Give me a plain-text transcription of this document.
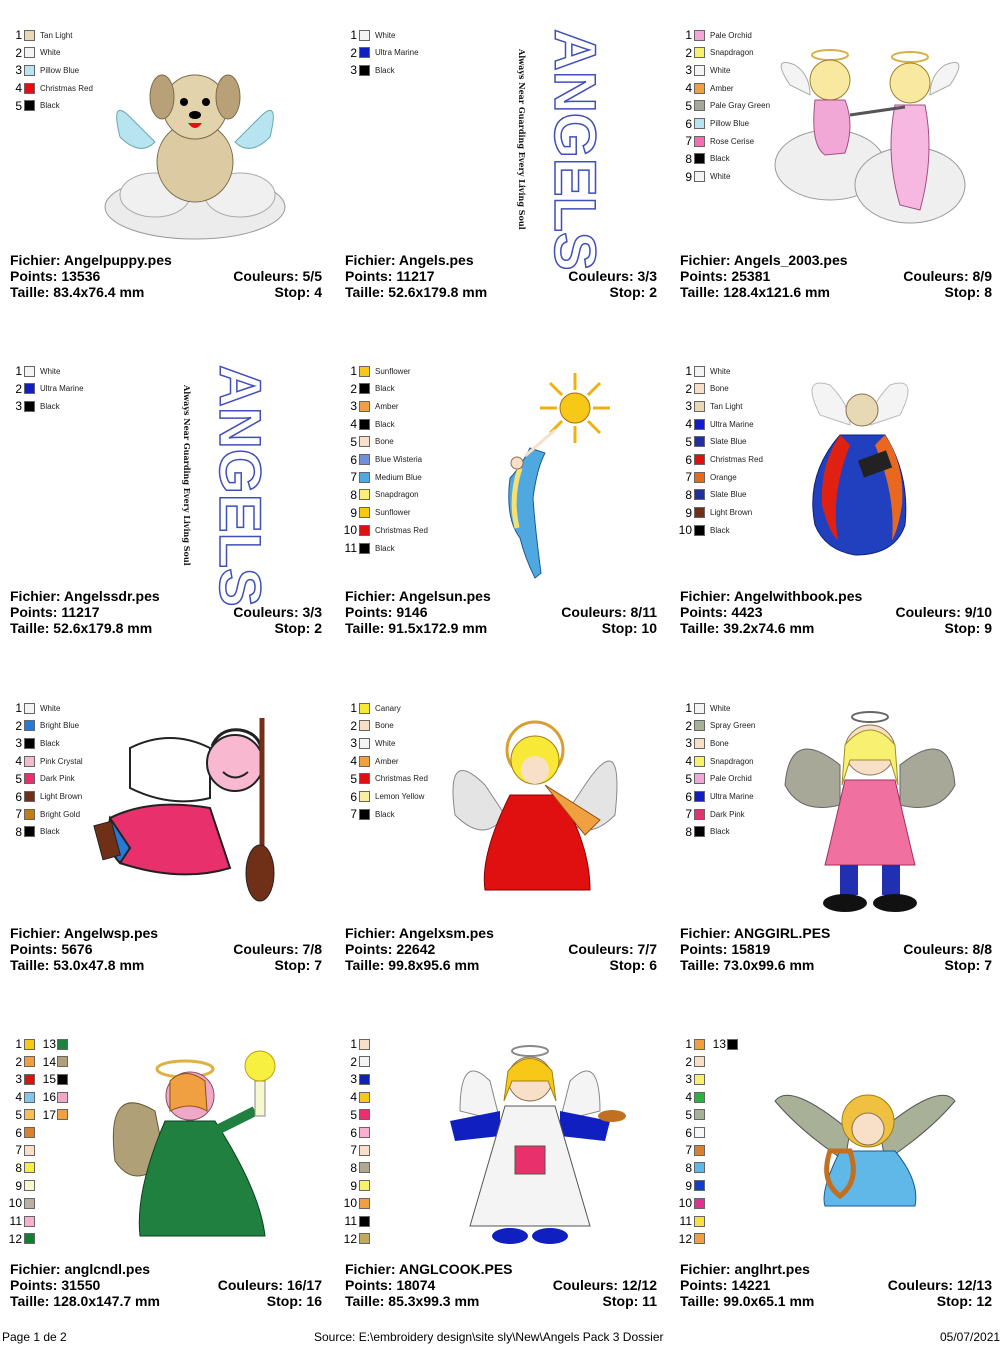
1 Tan Light
2 White
3 Pillow Blue
4 Christmas Red
5 Black
Fichier: Angelpuppy.pes
Points: 13536	Couleurs: 5/5
Taille: 83.4x76.4 mm	Stop: 4
1 White
2 Ultra Marine
3 Black	ANGELS
Always Near Guarding Every Living Soul
Fichier: Angels.pes
Points: 11217	Couleurs: 3/3
Taille: 52.6x179.8 mm	Stop: 2
1 Pale Orchid
2 Snapdragon
3 White
4 Amber
5 Pale Gray Green
6 Pillow Blue
7 Rose Cerise
8 Black
9 White
Fichier: Angels_2003.pes
Points: 25381	Couleurs: 8/9
Taille: 128.4x121.6 mm	Stop: 8
1 White
2 Ultra Marine
3 Black	ANGELS
Always Near Guarding Every Living Soul
Fichier: Angelssdr.pes
Points: 11217	Couleurs: 3/3
Taille: 52.6x179.8 mm	Stop: 2
1 Sunflower
2 Black
3 Amber
4 Black
5 Bone
6 Blue Wisteria
7 Medium Blue
8 Snapdragon
9 Sunflower
10 Christmas Red
11 Black
Fichier: Angelsun.pes
Points: 9146	Couleurs: 8/11
Taille: 91.5x172.9 mm	Stop: 10
1 White
2 Bone
3 Tan Light
4 Ultra Marine
5 Slate Blue
6 Christmas Red
7 Orange
8 Slate Blue
9 Light Brown
10 Black
Fichier: Angelwithbook.pes
Points: 4423	Couleurs: 9/10
Taille: 39.2x74.6 mm	Stop: 9
1 White
2 Bright Blue
3 Black
4 Pink Crystal
5 Dark Pink
6 Light Brown
7 Bright Gold
8 Black
Fichier: Angelwsp.pes
Points: 5676	Couleurs: 7/8
Taille: 53.0x47.8 mm	Stop: 7
1 Canary
2 Bone
3 White
4 Amber
5 Christmas Red
6 Lemon Yellow
7 Black
Fichier: Angelxsm.pes
Points: 22642	Couleurs: 7/7
Taille: 99.8x95.6 mm	Stop: 6
1 White
2 Spray Green
3 Bone
4 Snapdragon
5 Pale Orchid
6 Ultra Marine
7 Dark Pink
8 Black
Fichier: ANGGIRL.PES
Points: 15819	Couleurs: 8/8
Taille: 73.0x99.6 mm	Stop: 7
1 13
2 14
3 15
4 16
5 17
6
7
8
9
10
11
12
Fichier: anglcndl.pes
Points: 31550	Couleurs: 16/17
Taille: 128.0x147.7 mm	Stop: 16
1
2
3
4
5
6
7
8
9
10
11
12
Fichier: ANGLCOOK.PES
Points: 18074	Couleurs: 12/12
Taille: 85.3x99.3 mm	Stop: 11
1 13
2
3
4
5
6
7
8
9
10
11
12
Fichier: anglhrt.pes
Points: 14221	Couleurs: 12/13
Taille: 99.0x65.1 mm	Stop: 12
Page 1 de 2	Source: E:\embroidery design\site sly\New\Angels Pack 3 Dossier	05/07/2021
